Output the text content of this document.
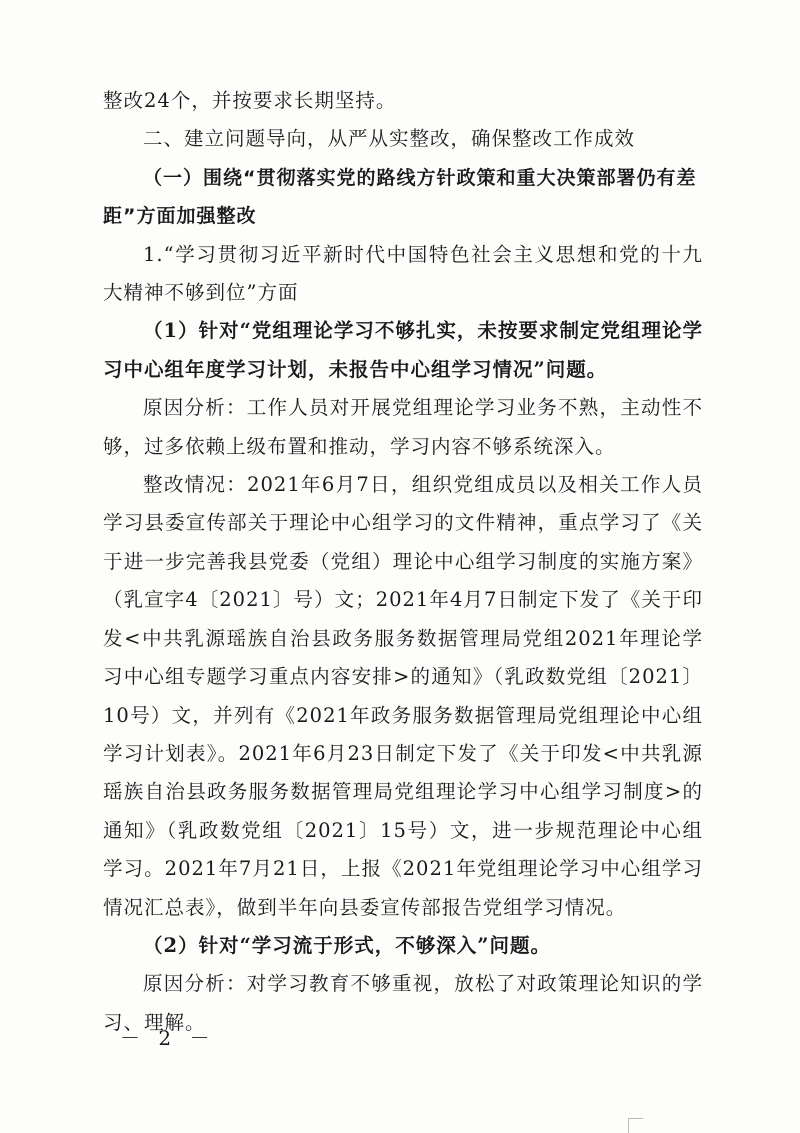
整改24个，并按要求长期坚持。

二、建立问题导向，从严从实整改，确保整改工作成效

（一）围绕“贯彻落实党的路线方针政策和重大决策部署仍有差距”方面加强整改

1.“学习贯彻习近平新时代中国特色社会主义思想和党的十九大精神不够到位”方面

（1）针对“党组理论学习不够扎实，未按要求制定党组理论学习中心组年度学习计划，未报告中心组学习情况”问题。

原因分析：工作人员对开展党组理论学习业务不熟，主动性不够，过多依赖上级布置和推动，学习内容不够系统深入。

整改情况：2021年6月7日，组织党组成员以及相关工作人员学习县委宣传部关于理论中心组学习的文件精神，重点学习了《关于进一步完善我县党委（党组）理论中心组学习制度的实施方案》（乳宣字4〔2021〕号）文；2021年4月7日制定下发了《关于印发<中共乳源瑶族自治县政务服务数据管理局党组2021年理论学习中心组专题学习重点内容安排>的通知》（乳政数党组〔2021〕10号）文，并列有《2021年政务服务数据管理局党组理论中心组学习计划表》。2021年6月23日制定下发了《关于印发<中共乳源瑶族自治县政务服务数据管理局党组理论学习中心组学习制度>的通知》（乳政数党组〔2021〕15号）文，进一步规范理论中心组学习。2021年7月21日，上报《2021年党组理论学习中心组学习情况汇总表》，做到半年向县委宣传部报告党组学习情况。

（2）针对“学习流于形式，不够深入”问题。

原因分析：对学习教育不够重视，放松了对政策理论知识的学习、理解。

－ 2 －
